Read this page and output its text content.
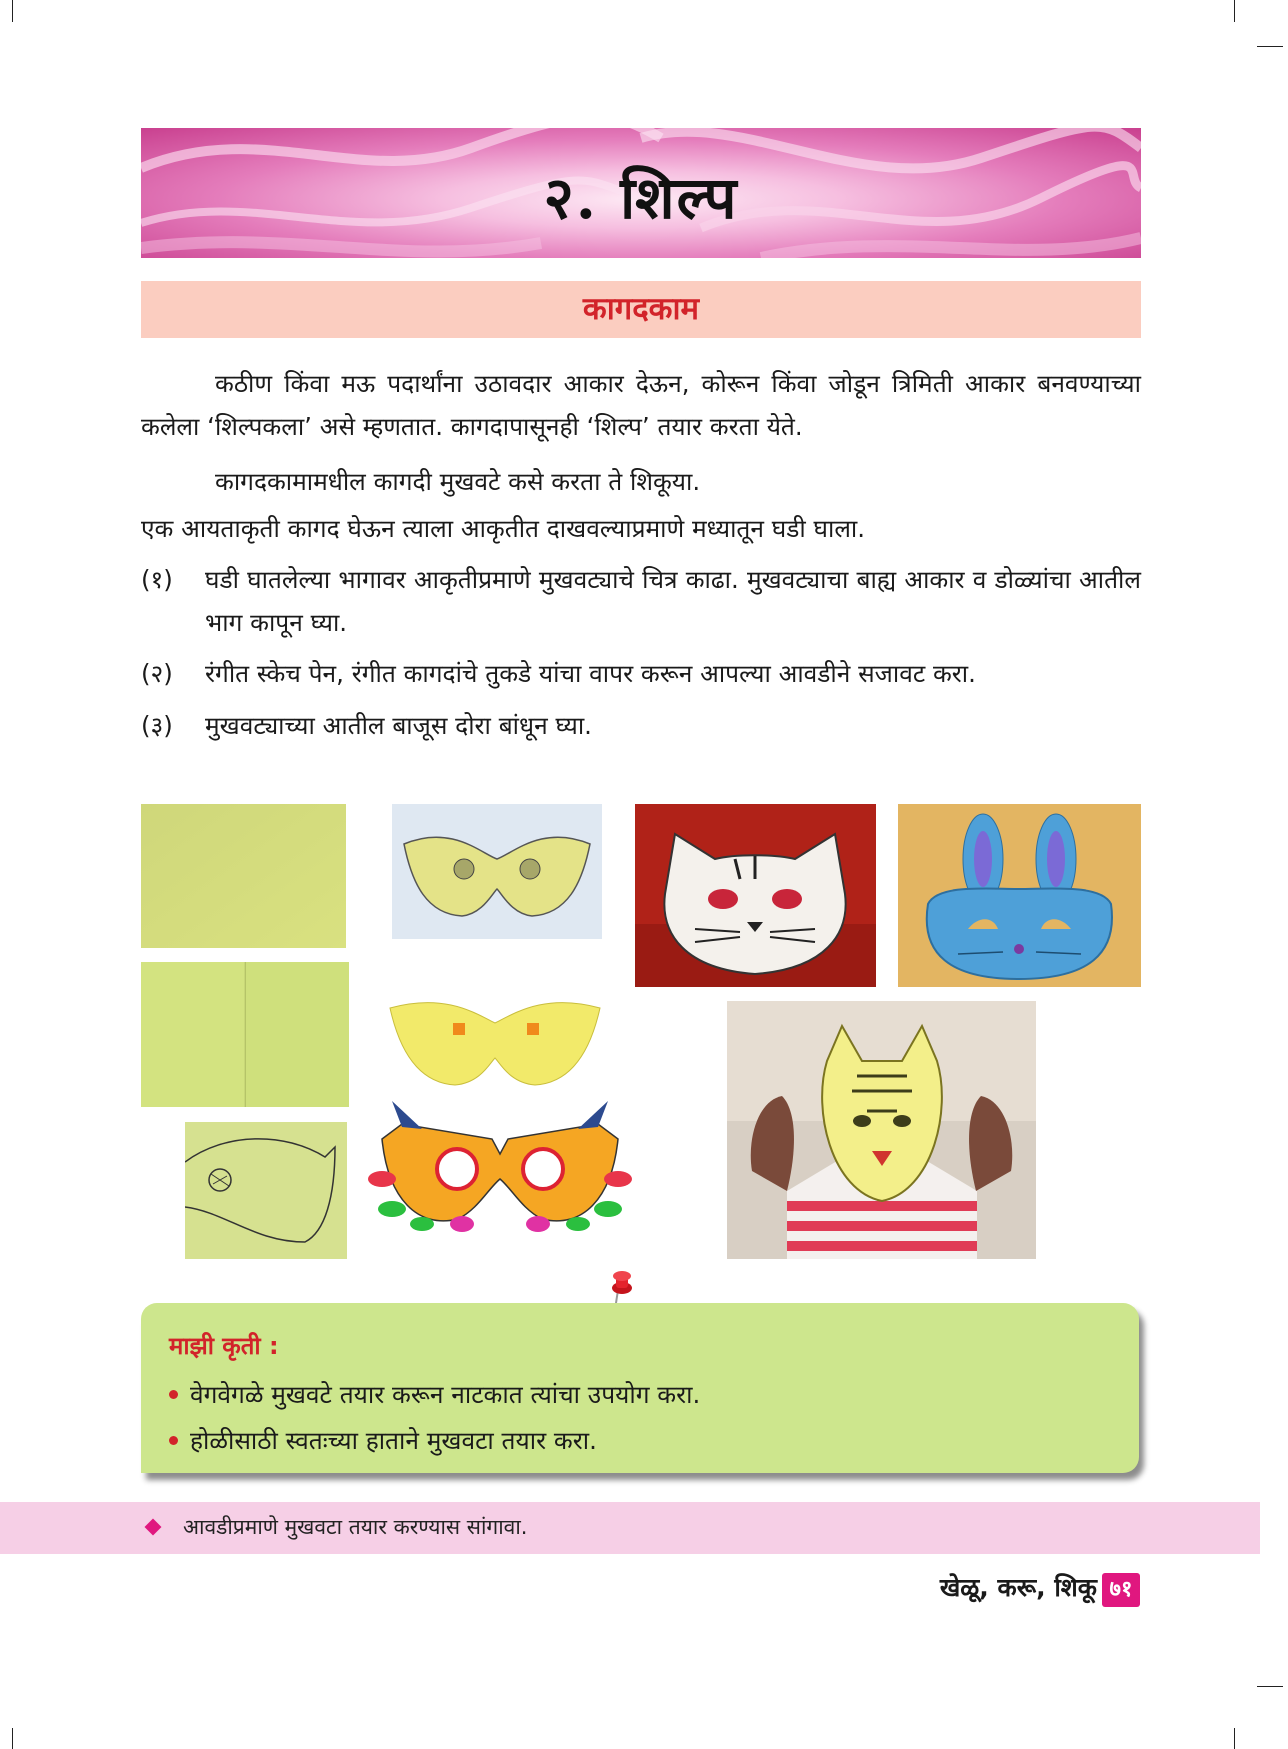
२. शिल्प
कागदकाम

कठीण किंवा मऊ पदार्थांना उठावदार आकार देऊन, कोरून किंवा जोडून त्रिमिती आकार बनवण्याच्या कलेला ‘शिल्पकला’ असे म्हणतात. कागदापासूनही ‘शिल्प’ तयार करता येते.

कागदकामामधील कागदी मुखवटे कसे करता ते शिकूया.

एक आयताकृती कागद घेऊन त्याला आकृतीत दाखवल्याप्रमाणे मध्यातून घडी घाला.

(१)	घडी घातलेल्या भागावर आकृतीप्रमाणे मुखवट्याचे चित्र काढा. मुखवट्याचा बाह्य आकार व डोळ्यांचा आतील भाग कापून घ्या.
(२)	रंगीत स्केच पेन, रंगीत कागदांचे तुकडे यांचा वापर करून आपल्या आवडीने सजावट करा.
(३)	मुखवट्याच्या आतील बाजूस दोरा बांधून घ्या.
माझी कृती :
वेगवेगळे मुखवटे तयार करून नाटकात त्यांचा उपयोग करा.
होळीसाठी स्वतःच्या हाताने मुखवटा तयार करा.
आवडीप्रमाणे मुखवटा तयार करण्यास सांगावा.
खेळू, करू, शिकू ७१
